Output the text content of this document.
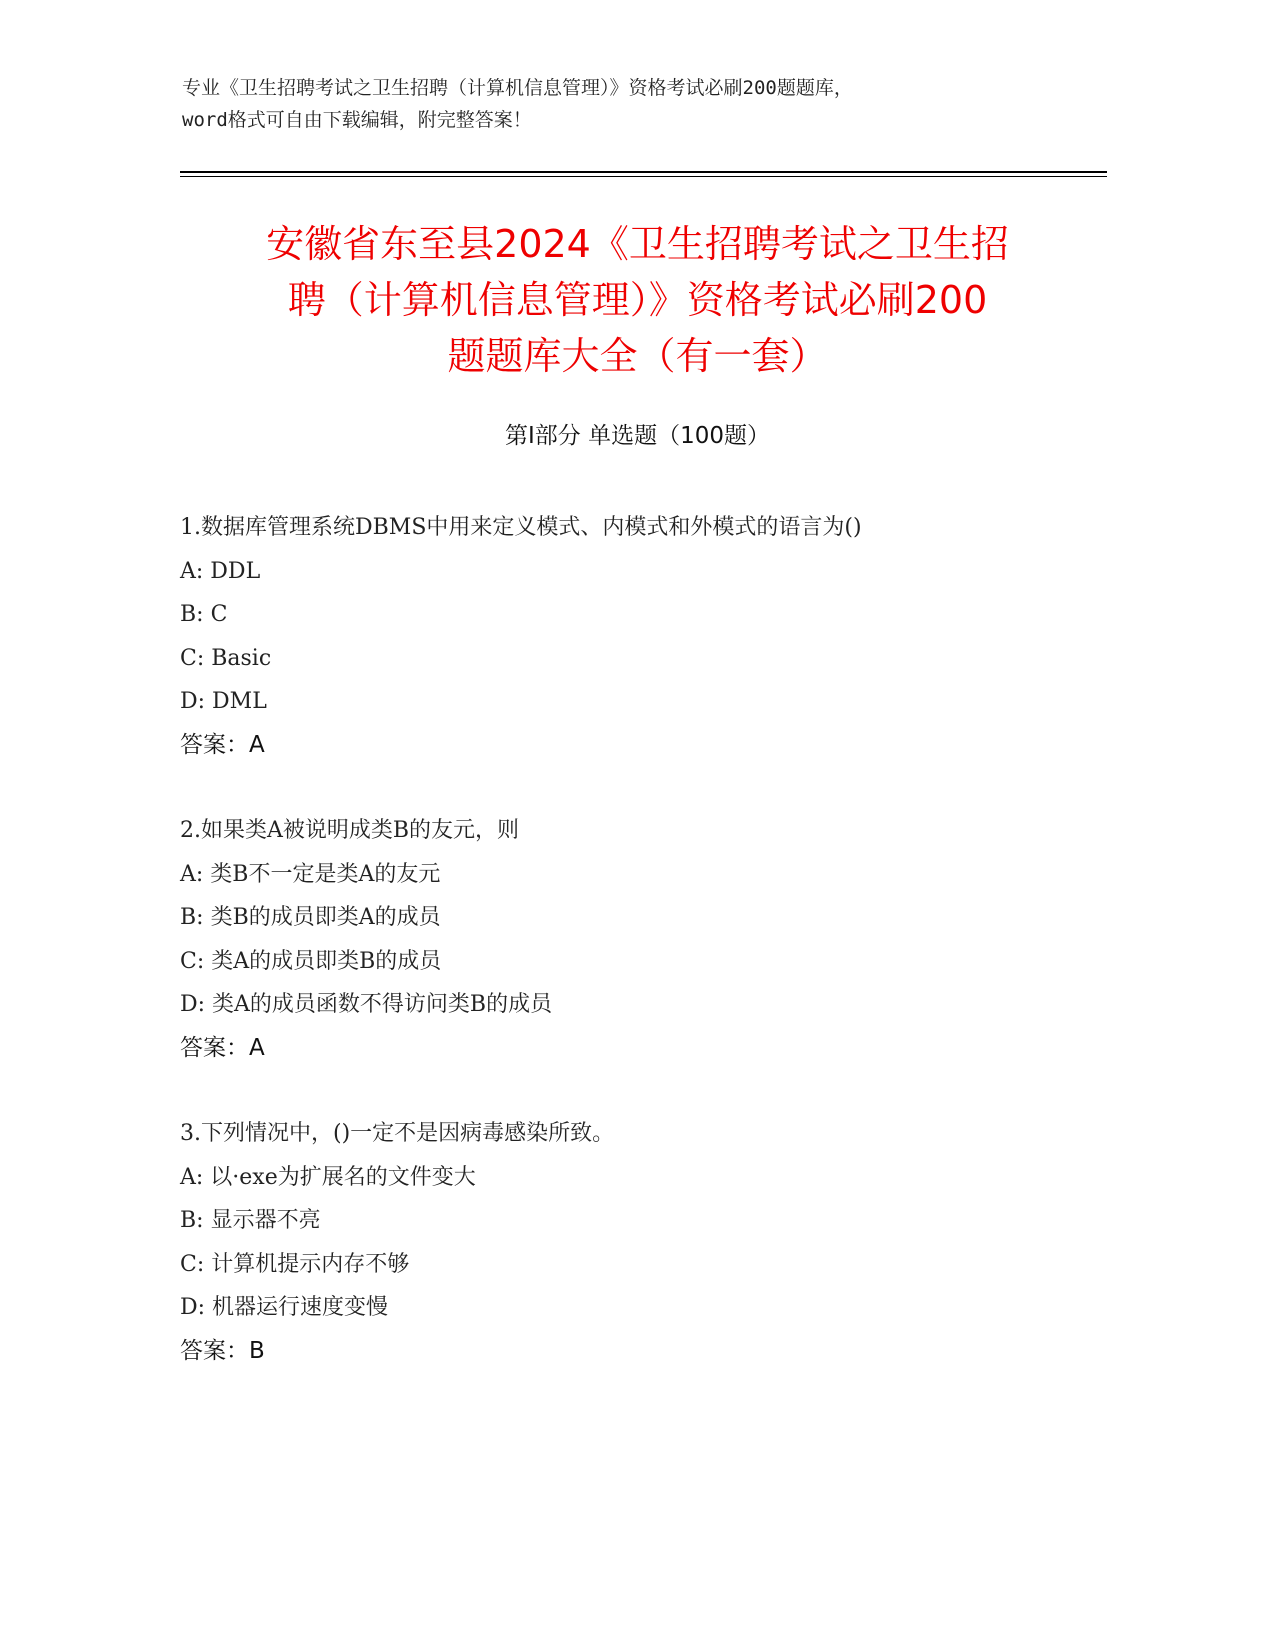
专业《卫生招聘考试之卫生招聘（计算机信息管理）》资格考试必刷200题题库，
word格式可自由下载编辑，附完整答案！
安徽省东至县2024《卫生招聘考试之卫生招
聘（计算机信息管理）》资格考试必刷200
题题库大全（有一套）
第Ⅰ部分 单选题（100题）
1.数据库管理系统DBMS中用来定义模式、内模式和外模式的语言为()
A: DDL
B: C
C: Basic
D: DML
答案：A
2.如果类A被说明成类B的友元，则
A: 类B不一定是类A的友元
B: 类B的成员即类A的成员
C: 类A的成员即类B的成员
D: 类A的成员函数不得访问类B的成员
答案：A
3.下列情况中，()一定不是因病毒感染所致。
A: 以·exe为扩展名的文件变大
B: 显示器不亮
C: 计算机提示内存不够
D: 机器运行速度变慢
答案：B
